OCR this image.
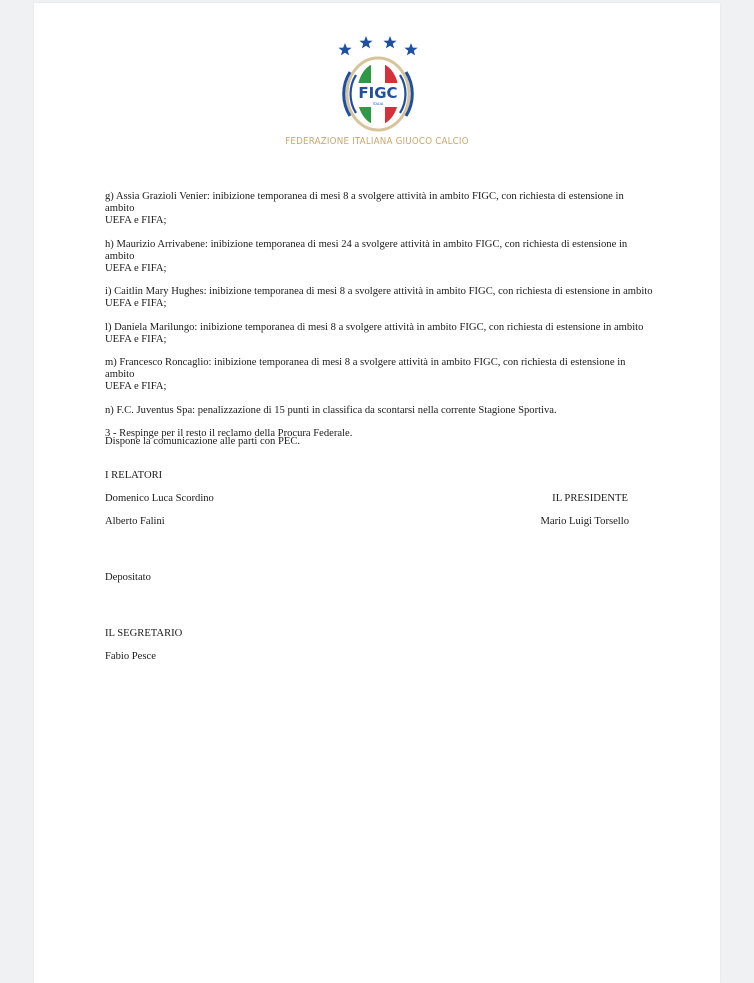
FIGC
ITALIA
FEDERAZIONE ITALIANA GIUOCO CALCIO

g) Assia Grazioli Venier: inibizione temporanea di mesi 8 a svolgere attività in ambito FIGC, con richiesta di estensione in ambito
UEFA e FIFA;

h) Maurizio Arrivabene: inibizione temporanea di mesi 24 a svolgere attività in ambito FIGC, con richiesta di estensione in ambito
UEFA e FIFA;

i) Caitlin Mary Hughes: inibizione temporanea di mesi 8 a svolgere attività in ambito FIGC, con richiesta di estensione in ambito
UEFA e FIFA;

l) Daniela Marilungo: inibizione temporanea di mesi 8 a svolgere attività in ambito FIGC, con richiesta di estensione in ambito
UEFA e FIFA;

m) Francesco Roncaglio: inibizione temporanea di mesi 8 a svolgere attività in ambito FIGC, con richiesta di estensione in ambito
UEFA e FIFA;

n) F.C. Juventus Spa: penalizzazione di 15 punti in classifica da scontarsi nella corrente Stagione Sportiva.

3 - Respinge per il resto il reclamo della Procura Federale.

Dispone la comunicazione alle parti con PEC.
I RELATORI
Domenico Luca Scordino
Alberto Falini
IL PRESIDENTE
Mario Luigi Torsello
Depositato
IL SEGRETARIO
Fabio Pesce
